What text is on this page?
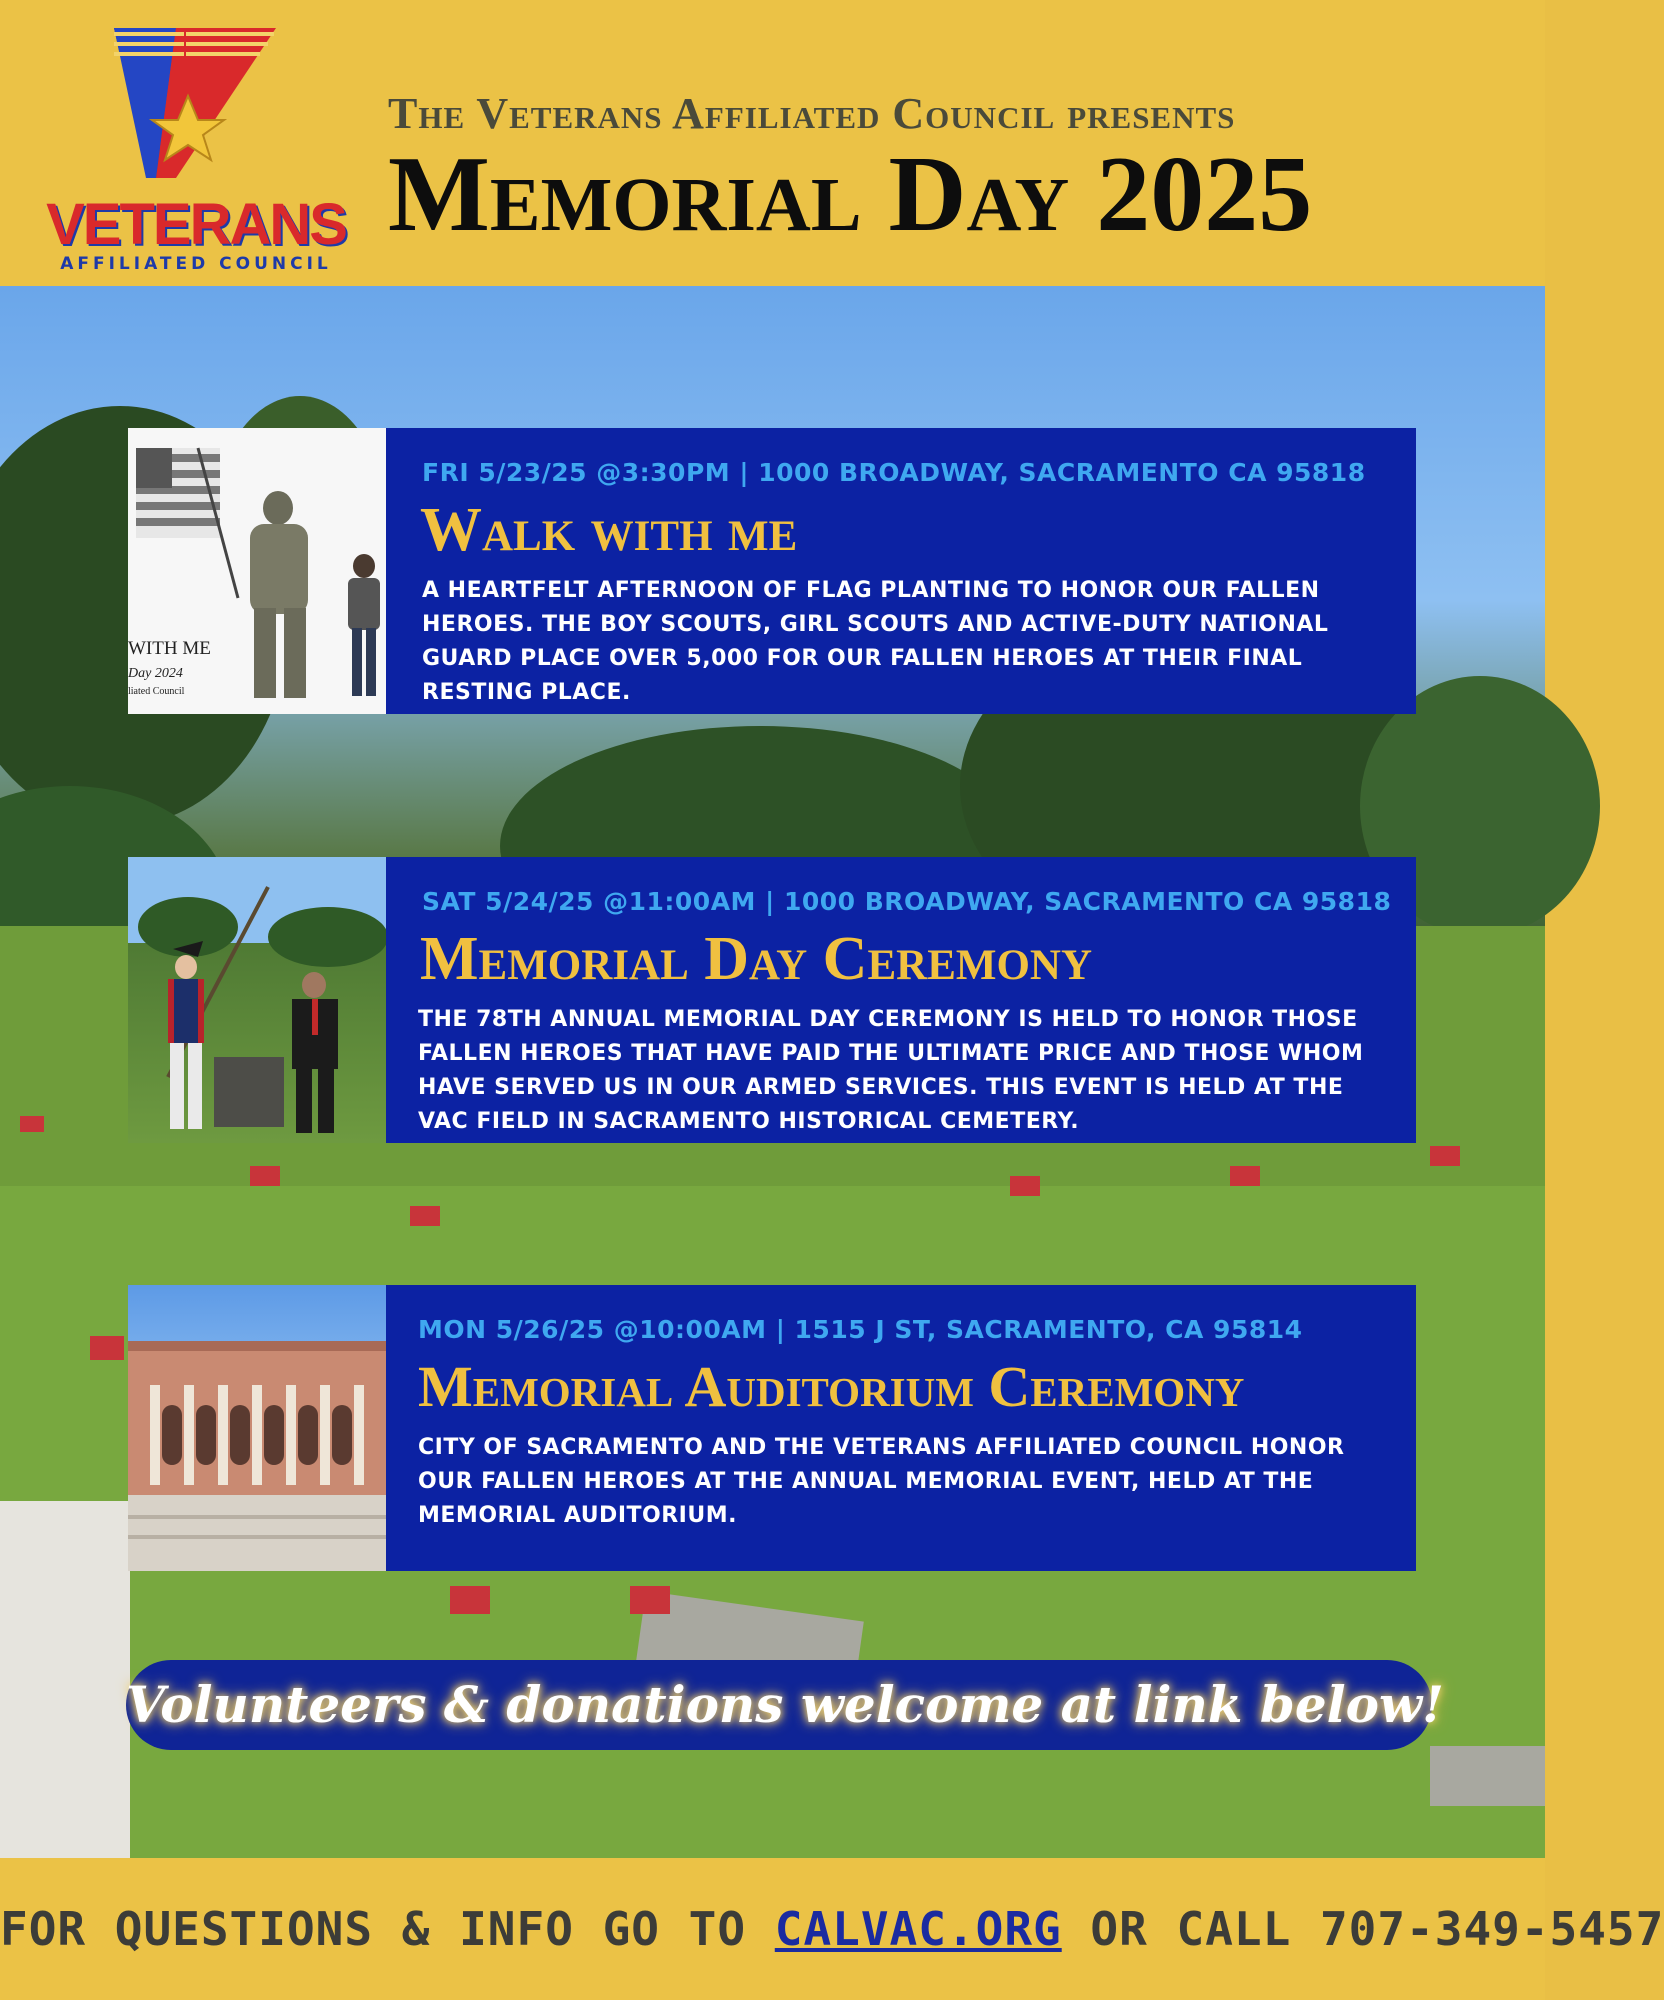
VETERANS
AFFILIATED COUNCIL
The Veterans Affiliated Council presents
Memorial Day 2025
WITH ME
Day 2024
liated Council
FRI 5/23/25 @3:30PM | 1000 BROADWAY, SACRAMENTO CA 95818
Walk with me
A HEARTFELT AFTERNOON OF FLAG PLANTING TO HONOR OUR FALLEN HEROES. THE BOY SCOUTS, GIRL SCOUTS AND ACTIVE-DUTY NATIONAL GUARD PLACE OVER 5,000 FOR OUR FALLEN HEROES AT THEIR FINAL RESTING PLACE.
SAT 5/24/25 @11:00AM | 1000 BROADWAY, SACRAMENTO CA 95818
Memorial Day Ceremony
THE 78TH ANNUAL MEMORIAL DAY CEREMONY IS HELD TO HONOR THOSE FALLEN HEROES THAT HAVE PAID THE ULTIMATE PRICE AND THOSE WHOM HAVE SERVED US IN OUR ARMED SERVICES. THIS EVENT IS HELD AT THE VAC FIELD IN SACRAMENTO HISTORICAL CEMETERY.
MON 5/26/25 @10:00AM | 1515 J ST, SACRAMENTO, CA 95814
Memorial Auditorium Ceremony
CITY OF SACRAMENTO AND THE VETERANS AFFILIATED COUNCIL HONOR OUR FALLEN HEROES AT THE ANNUAL MEMORIAL EVENT, HELD AT THE MEMORIAL AUDITORIUM.
Volunteers & donations welcome at link below!
FOR QUESTIONS & INFO GO TO CALVAC.ORG OR CALL 707-349-5457
